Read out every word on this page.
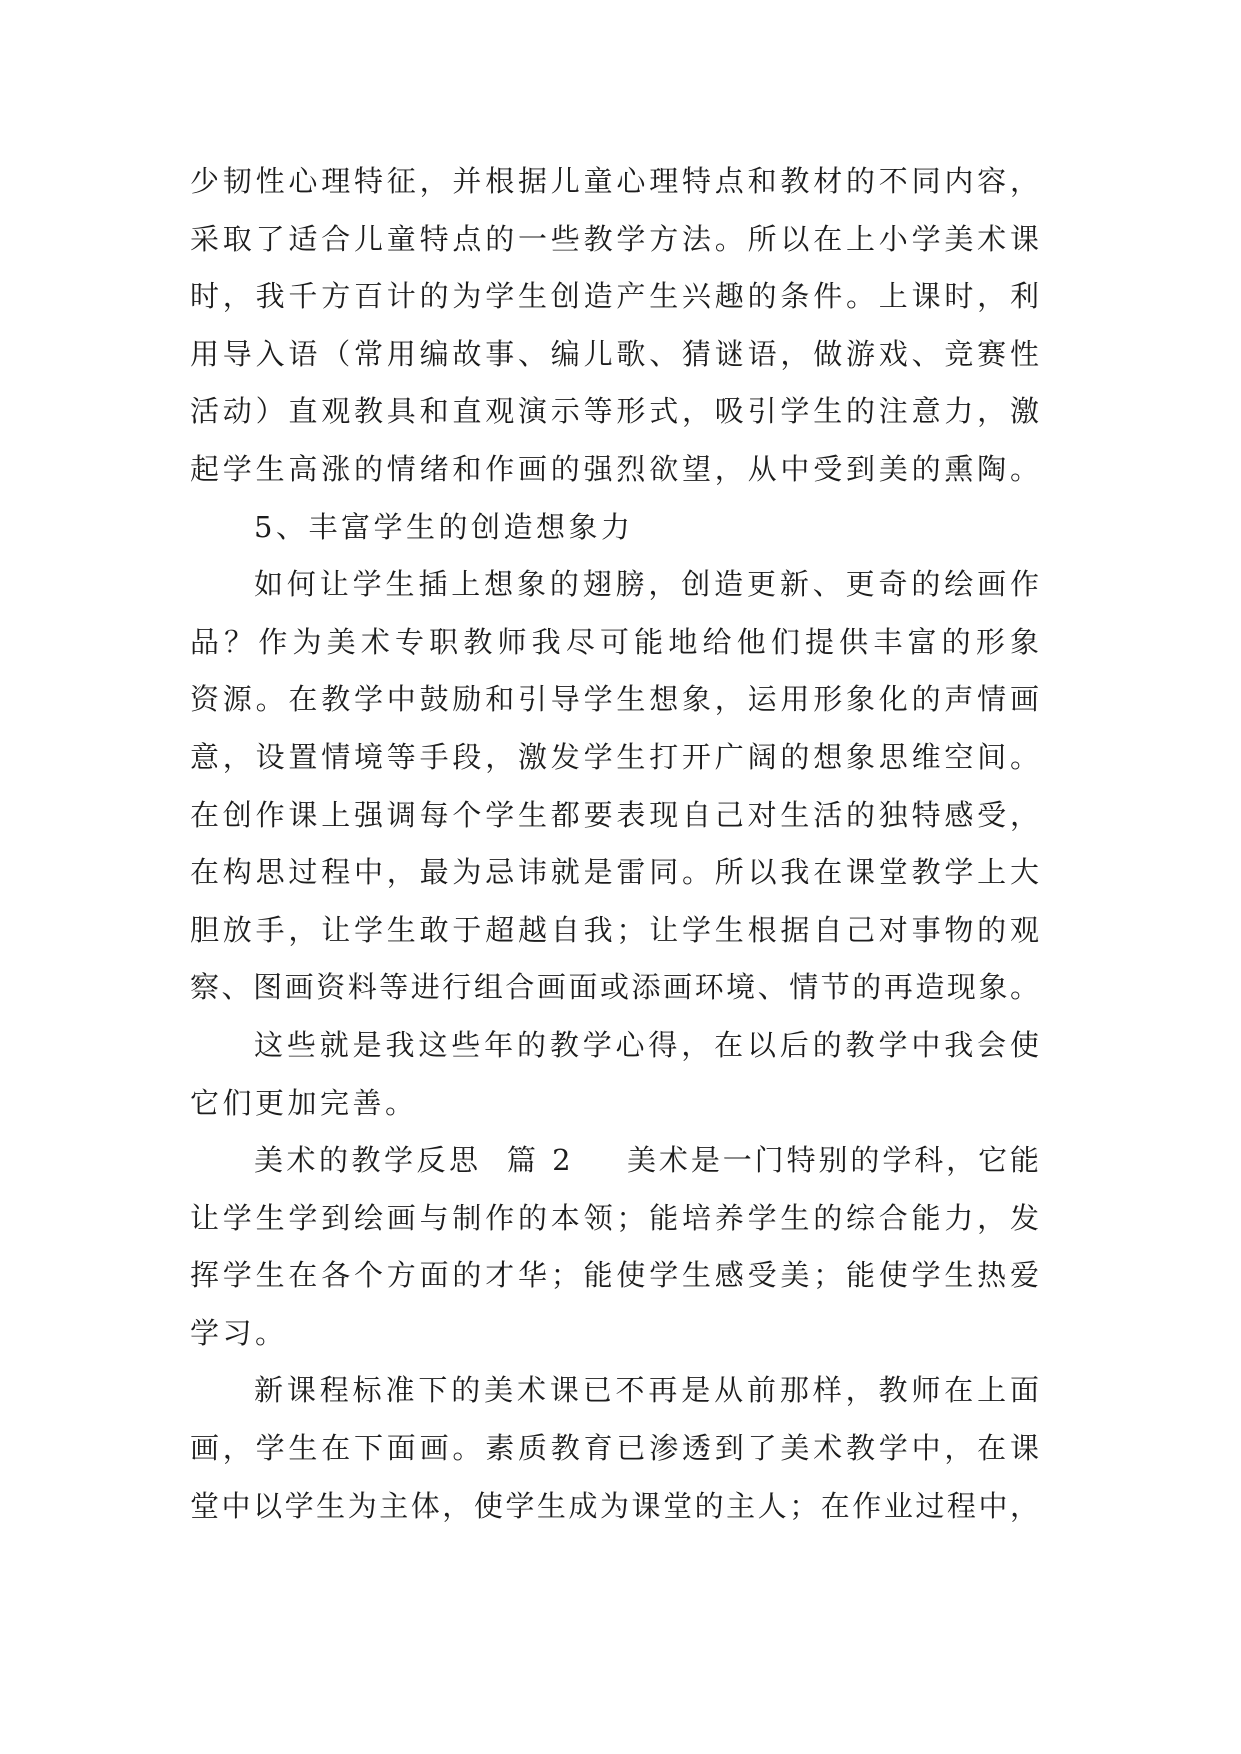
少韧性心理特征，并根据儿童心理特点和教材的不同内容，
采取了适合儿童特点的一些教学方法。所以在上小学美术课
时，我千方百计的为学生创造产生兴趣的条件。上课时，利
用导入语（常用编故事、编儿歌、猜谜语，做游戏、竞赛性
活动）直观教具和直观演示等形式，吸引学生的注意力，激
起学生高涨的情绪和作画的强烈欲望，从中受到美的熏陶。
5、丰富学生的创造想象力
如何让学生插上想象的翅膀，创造更新、更奇的绘画作
品？作为美术专职教师我尽可能地给他们提供丰富的形象
资源。在教学中鼓励和引导学生想象，运用形象化的声情画
意，设置情境等手段，激发学生打开广阔的想象思维空间。
在创作课上强调每个学生都要表现自己对生活的独特感受，
在构思过程中，最为忌讳就是雷同。所以我在课堂教学上大
胆放手，让学生敢于超越自我；让学生根据自己对事物的观
察、图画资料等进行组合画面或添画环境、情节的再造现象。
这些就是我这些年的教学心得，在以后的教学中我会使
它们更加完善。
美术的教学反思  篇 2 美术是一门特别的学科，它能
让学生学到绘画与制作的本领；能培养学生的综合能力，发
挥学生在各个方面的才华；能使学生感受美；能使学生热爱
学习。
新课程标准下的美术课已不再是从前那样，教师在上面
画，学生在下面画。素质教育已渗透到了美术教学中，在课
堂中以学生为主体，使学生成为课堂的主人；在作业过程中，
